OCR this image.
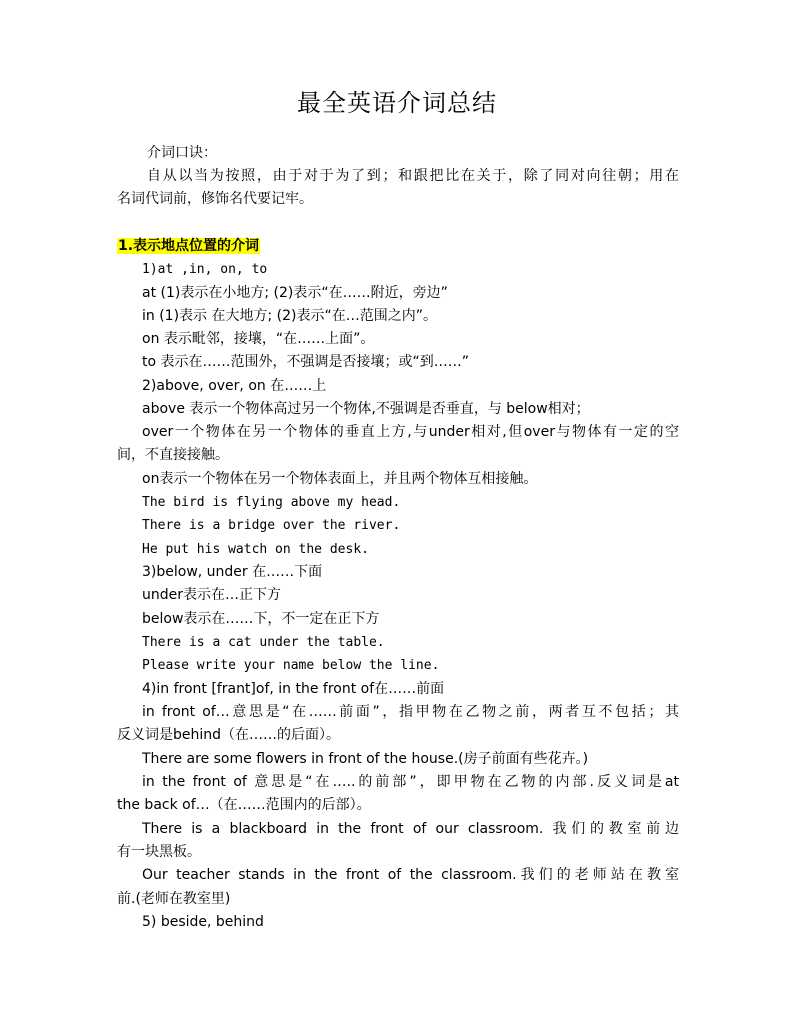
最全英语介词总结
介词口诀：
自从以当为按照，由于对于为了到；和跟把比在关于，除了同对向往朝；用在
名词代词前，修饰名代要记牢。
1.表示地点位置的介词
1)at ,in, on, to
at (1)表示在小地方; (2)表示“在……附近，旁边”
in (1)表示 在大地方; (2)表示“在…范围之内”。
on 表示毗邻，接壤，“在……上面”。
to 表示在……范围外，不强调是否接壤；或“到……”
2)above, over, on 在……上
above 表示一个物体高过另一个物体,不强调是否垂直，与 below相对；
over一个物体在另一个物体的垂直上方,与under相对,但over与物体有一定的空
间，不直接接触。
on表示一个物体在另一个物体表面上，并且两个物体互相接触。
The bird is flying above my head.
There is a bridge over the river.
He put his watch on the desk.
3)below, under 在……下面
under表示在…正下方
below表示在……下，不一定在正下方
There is a cat under the table.
Please write your name below the line.
4)in front [frant]of, in the front of在……前面
in front of…意思是“在……前面”，指甲物在乙物之前，两者互不包括；其
反义词是behind（在……的后面）。
There are some flowers in front of the house.(房子前面有些花卉。)
in the front of 意思是“在…..的前部”，即甲物在乙物的内部.反义词是at
the back of…（在……范围内的后部）。
There is a blackboard in the front of our classroom. 我们的教室前边
有一块黑板。
Our teacher stands in the front of the classroom.我们的老师站在教室
前.(老师在教室里)
5) beside, behind
